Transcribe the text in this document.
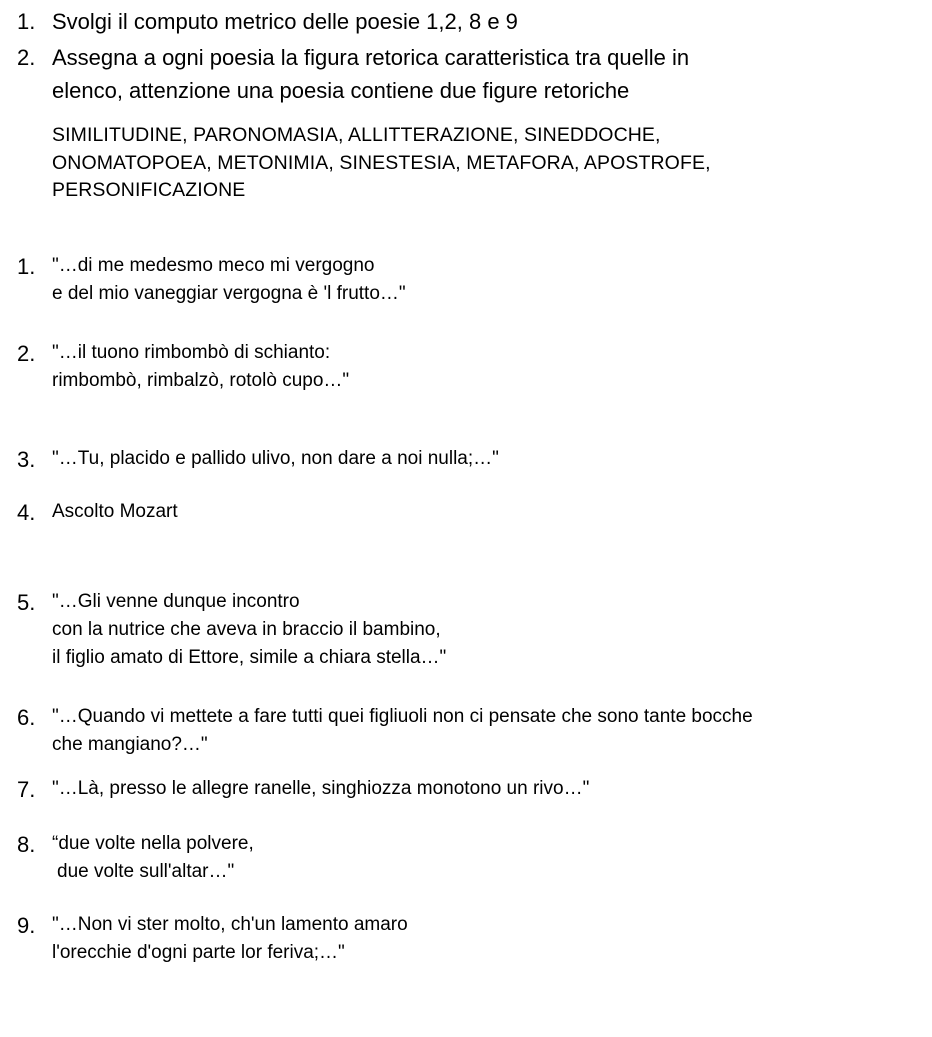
1. Svolgi il computo metrico delle poesie 1,2, 8 e 9
2. Assegna a ogni poesia la figura retorica caratteristica tra quelle in
elenco, attenzione una poesia contiene due figure retoriche
SIMILITUDINE, PARONOMASIA, ALLITTERAZIONE, SINEDDOCHE,
ONOMATOPOEA, METONIMIA, SINESTESIA, METAFORA, APOSTROFE,
PERSONIFICAZIONE
1. "…di me medesmo meco mi vergogno
e del mio vaneggiar vergogna è 'l frutto…"
2. "…il tuono rimbombò di schianto:
rimbombò, rimbalzò, rotolò cupo…"
3. "…Tu, placido e pallido ulivo, non dare a noi nulla;…"
4. Ascolto Mozart
5. "…Gli venne dunque incontro
con la nutrice che aveva in braccio il bambino,
il figlio amato di Ettore, simile a chiara stella…"
6. "…Quando vi mettete a fare tutti quei figliuoli non ci pensate che sono tante bocche
che mangiano?…"
7. "…Là, presso le allegre ranelle, singhiozza monotono un rivo…"
8. “due volte nella polvere,
due volte sull'altar…"
9. "…Non vi ster molto, ch'un lamento amaro
l'orecchie d'ogni parte lor feriva;…"
